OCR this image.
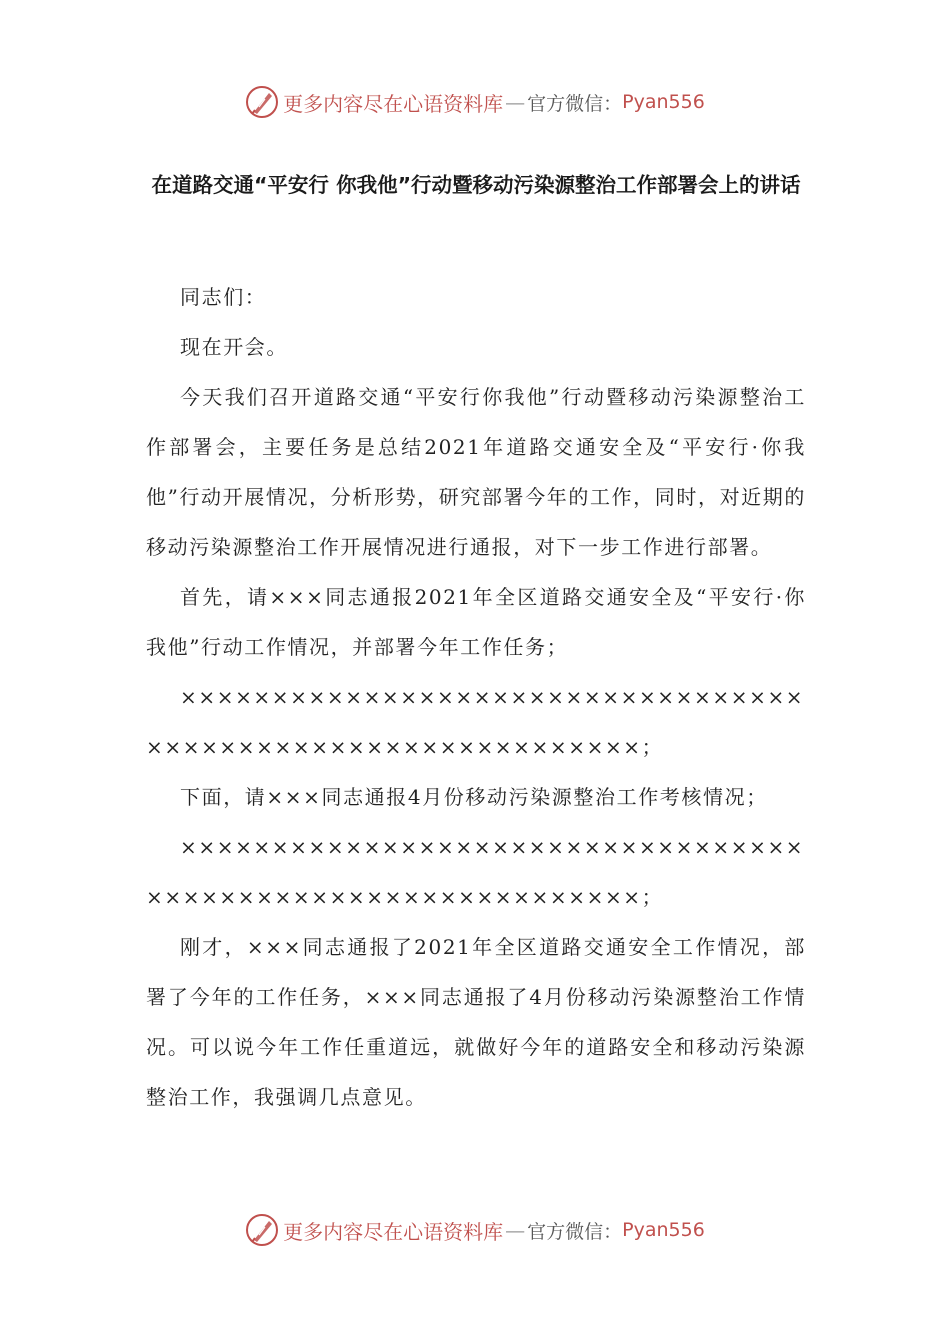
更多内容尽在心语资料库 — 官方微信： Pyan556
在道路交通“平安行 你我他”行动暨移动污染源整治工作部署会上的讲话

同志们：

现在开会。

今天我们召开道路交通“平安行你我他”行动暨移动污染源整治工作部署会，主要任务是总结2021年道路交通安全及“平安行·你我他”行动开展情况，分析形势，研究部署今年的工作，同时，对近期的移动污染源整治工作开展情况进行通报，对下一步工作进行部署。

首先，请×××同志通报2021年全区道路交通安全及“平安行·你我他”行动工作情况，并部署今年工作任务；

×××××××××××××××××××××××××××××××××××××××××××××××××××××××××××××；

下面，请×××同志通报4月份移动污染源整治工作考核情况；

×××××××××××××××××××××××××××××××××××××××××××××××××××××××××××××；

刚才，×××同志通报了2021年全区道路交通安全工作情况，部署了今年的工作任务，×××同志通报了4月份移动污染源整治工作情况。可以说今年工作任重道远，就做好今年的道路安全和移动污染源整治工作，我强调几点意见。

更多内容尽在心语资料库 — 官方微信： Pyan556
